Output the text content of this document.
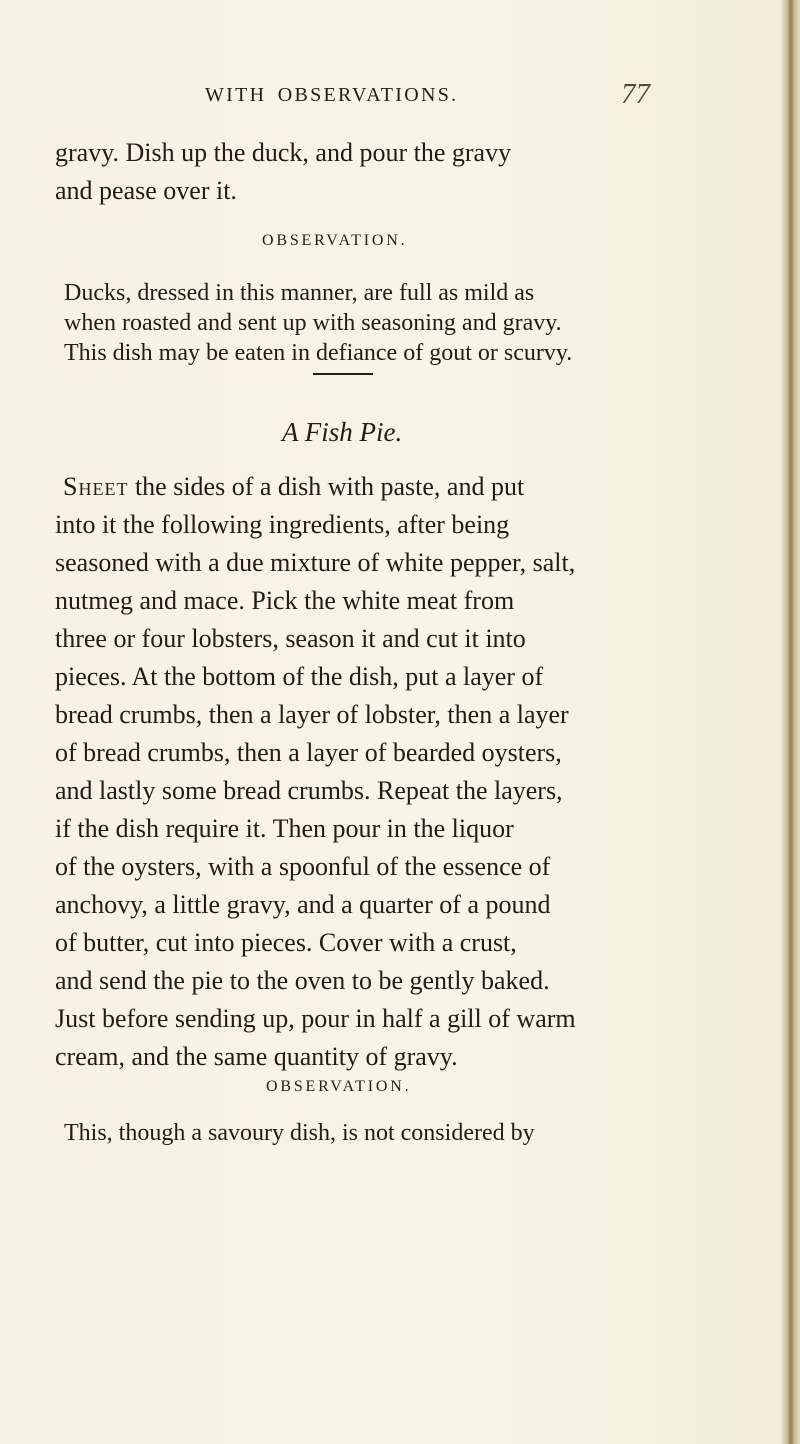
WITH OBSERVATIONS.	77
gravy. Dish up the duck, and pour the gravy
and pease over it.
OBSERVATION.
Ducks, dressed in this manner, are full as mild as
when roasted and sent up with seasoning and gravy.
This dish may be eaten in defiance of gout or scurvy.
A Fish Pie.
Sheet the sides of a dish with paste, and put
into it the following ingredients, after being
seasoned with a due mixture of white pepper, salt,
nutmeg and mace. Pick the white meat from
three or four lobsters, season it and cut it into
pieces. At the bottom of the dish, put a layer of
bread crumbs, then a layer of lobster, then a layer
of bread crumbs, then a layer of bearded oysters,
and lastly some bread crumbs. Repeat the layers,
if the dish require it. Then pour in the liquor
of the oysters, with a spoonful of the essence of
anchovy, a little gravy, and a quarter of a pound
of butter, cut into pieces. Cover with a crust,
and send the pie to the oven to be gently baked.
Just before sending up, pour in half a gill of warm
cream, and the same quantity of gravy.
OBSERVATION.
This, though a savoury dish, is not considered by
